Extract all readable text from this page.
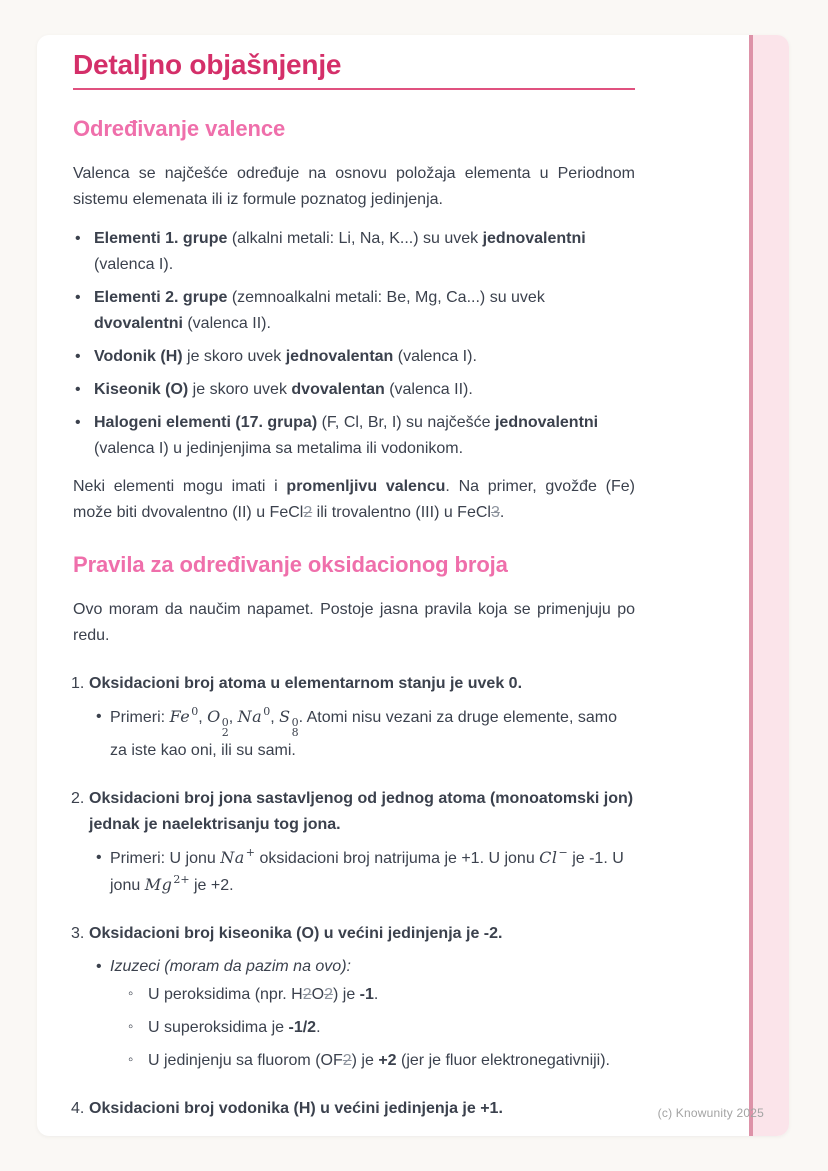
Detaljno objašnjenje
Određivanje valence

Valenca se najčešće određuje na osnovu položaja elementa u Periodnom sistemu elemenata ili iz formule poznatog jedinjenja.

• Elementi 1. grupe (alkalni metali: Li, Na, K...) su uvek jednovalentni (valenca I).
• Elementi 2. grupe (zemnoalkalni metali: Be, Mg, Ca...) su uvek dvovalentni (valenca II).
• Vodonik (H) je skoro uvek jednovalentan (valenca I).
• Kiseonik (O) je skoro uvek dvovalentan (valenca II).
• Halogeni elementi (17. grupa) (F, Cl, Br, I) su najčešće jednovalentni (valenca I) u jedinjenjima sa metalima ili vodonikom.

Neki elementi mogu imati i promenljivu valencu. Na primer, gvožđe (Fe) može biti dvovalentno (II) u FeCl2 ili trovalentno (III) u FeCl3.

Pravila za određivanje oksidacionog broja

Ovo moram da naučim napamet. Postoje jasna pravila koja se primenjuju po redu.

1. Oksidacioni broj atoma u elementarnom stanju je uvek 0.
• Primeri: Fe$^0$, O 0
2
, Na$^0$, S 0
8
. Atomi nisu vezani za druge elemente, samo za iste kao oni, ili su sami.
2. Oksidacioni broj jona sastavljenog od jednog atoma (monoatomski jon) jednak je naelektrisanju tog jona.
• Primeri: U jonu Na+ oksidacioni broj natrijuma je +1. U jonu Cl− je -1. U jonu $Mg^{2+}$ je +2.
3. Oksidacioni broj kiseonika (O) u većini jedinjenja je -2.
• Izuzeci (moram da pazim na ovo):
◦ U peroksidima (npr. H2O2) je -1.
◦ U superoksidima je -1/2.
◦ U jedinjenju sa fluorom (OF2) je +2 (jer je fluor elektronegativniji).
4. Oksidacioni broj vodonika (H) u većini jedinjenja je +1.	(c) Knowunity 2025
